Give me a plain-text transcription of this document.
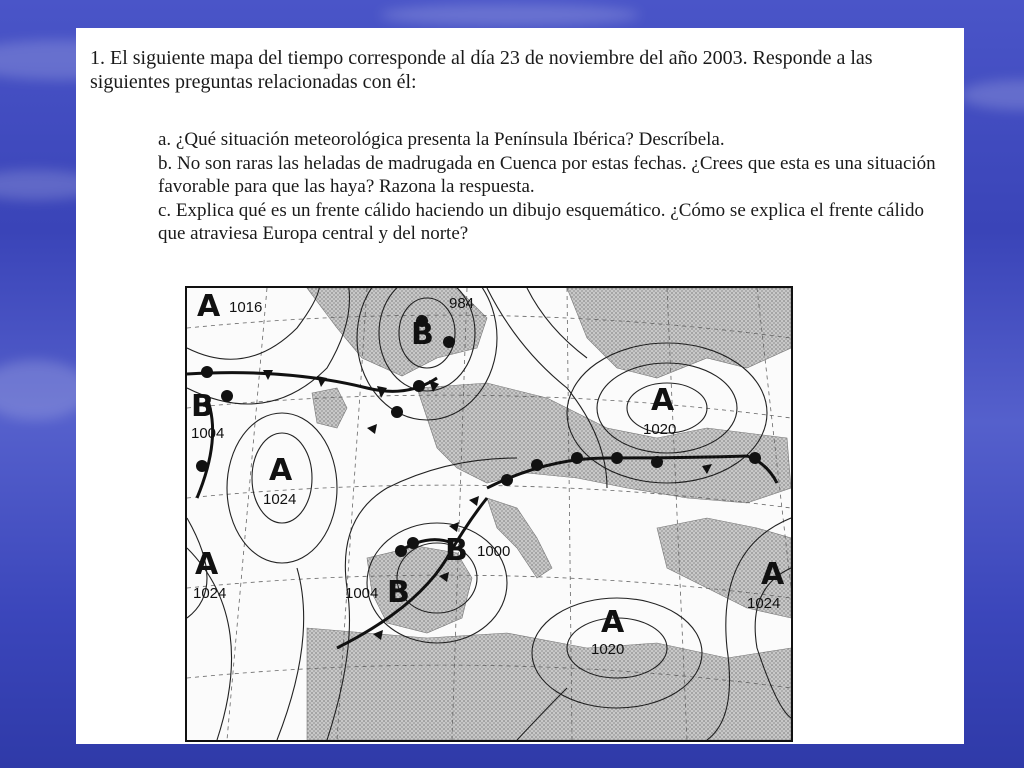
1. El siguiente mapa del tiempo corresponde al día 23 de noviembre del año 2003. Responde a las siguientes preguntas relacionadas con él:
a. ¿Qué situación meteorológica presenta la Península Ibérica? Descríbela.
b. No son raras las heladas de madrugada en Cuenca por estas fechas. ¿Crees que esta es una situación favorable para que las haya? Razona la respuesta.
c. Explica qué es un frente cálido haciendo un dibujo esquemático. ¿Cómo se explica el frente cálido que atraviesa Europa central y del norte?
A 1016
B
984
B
1004
A
1024
A
1020
B 1000
B
1004
A
1024
A
1020
A
1024
